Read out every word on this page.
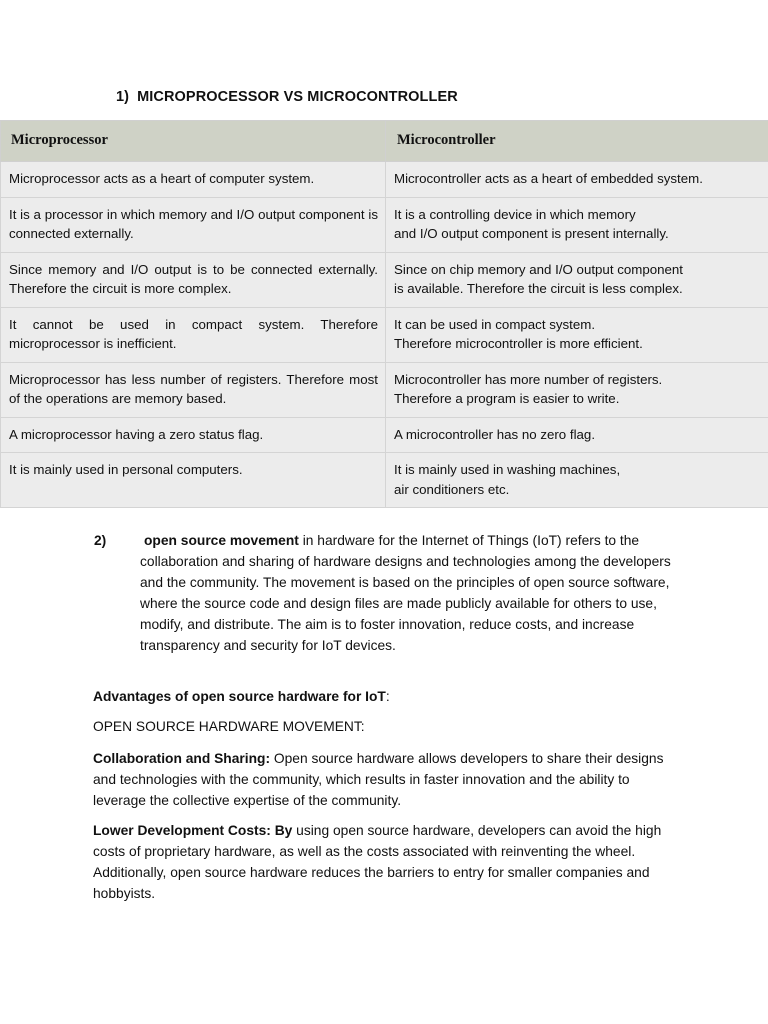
1) MICROPROCESSOR VS MICROCONTROLLER
Microprocessor	Microcontroller
Microprocessor acts as a heart of computer system.	Microcontroller acts as a heart of embedded system.
It is a processor in which memory and I/O output component is connected externally.	It is a controlling device in which memory
and I/O output component is present internally.
Since memory and I/O output is to be connected externally. Therefore the circuit is more complex.	Since on chip memory and I/O output component
is available. Therefore the circuit is less complex.
It cannot be used in compact system. Therefore microprocessor is inefficient.	It can be used in compact system.
Therefore microcontroller is more efficient.
Microprocessor has less number of registers. Therefore most of the operations are memory based.	Microcontroller has more number of registers.
Therefore a program is easier to write.
A microprocessor having a zero status flag.	A microcontroller has no zero flag.
It is mainly used in personal computers.	It is mainly used in washing machines,
air conditioners etc.
2)	open source movement in hardware for the Internet of Things (IoT) refers to the collaboration and sharing of hardware designs and technologies among the developers and the community. The movement is based on the principles of open source software, where the source code and design files are made publicly available for others to use, modify, and distribute. The aim is to foster innovation, reduce costs, and increase transparency and security for IoT devices.
Advantages of open source hardware for IoT:
OPEN SOURCE HARDWARE MOVEMENT:
Collaboration and Sharing: Open source hardware allows developers to share their designs and technologies with the community, which results in faster innovation and the ability to leverage the collective expertise of the community.
Lower Development Costs: By using open source hardware, developers can avoid the high costs of proprietary hardware, as well as the costs associated with reinventing the wheel. Additionally, open source hardware reduces the barriers to entry for smaller companies and hobbyists.
